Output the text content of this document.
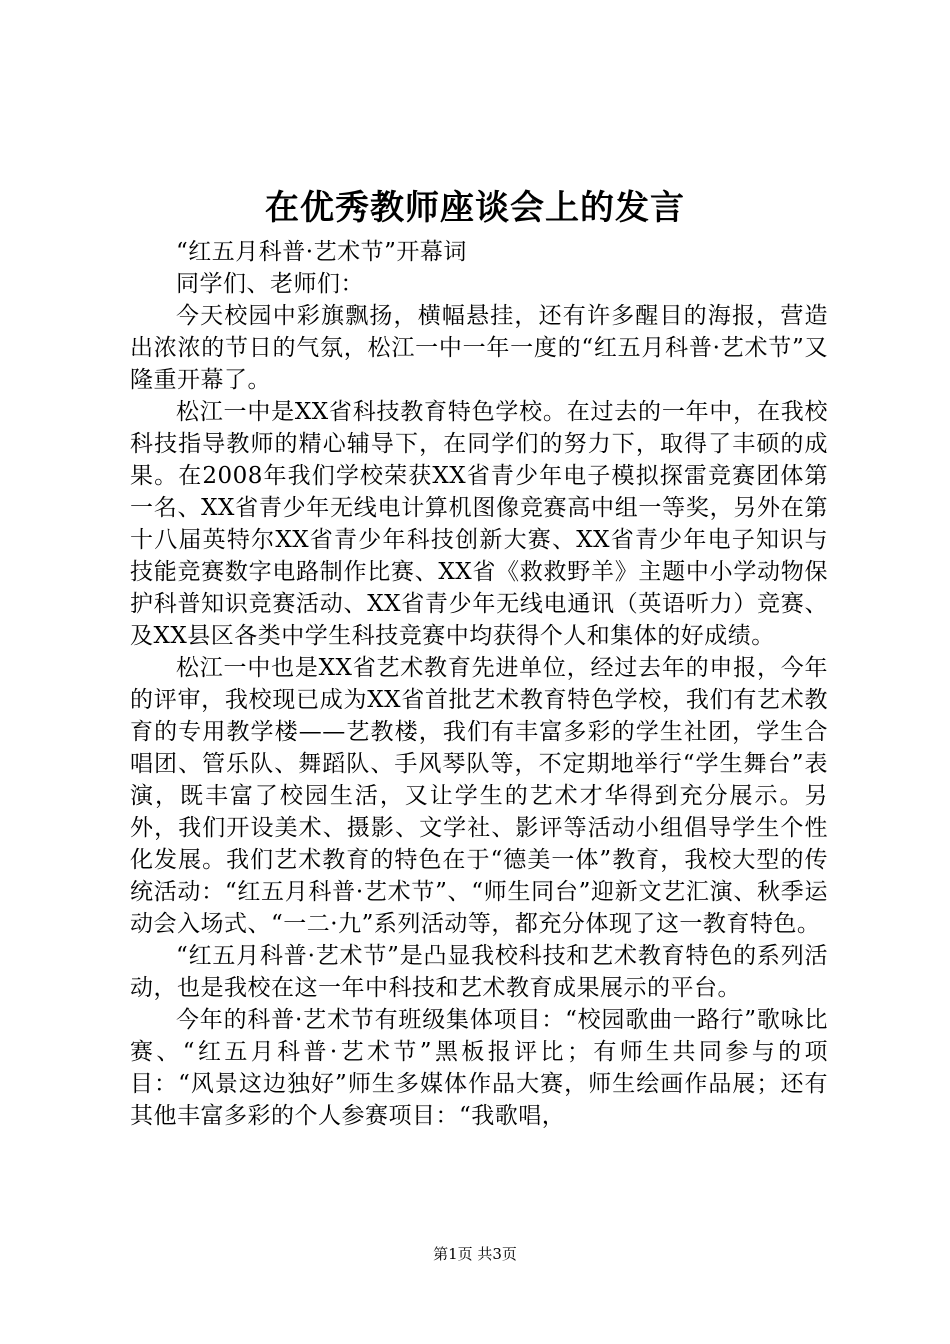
在优秀教师座谈会上的发言

“红五月科普·艺术节”开幕词

同学们、老师们：

今天校园中彩旗飘扬，横幅悬挂，还有许多醒目的海报，营造出浓浓的节日的气氛，松江一中一年一度的“红五月科普·艺术节”又隆重开幕了。

松江一中是XX省科技教育特色学校。在过去的一年中，在我校科技指导教师的精心辅导下，在同学们的努力下，取得了丰硕的成果。在2008年我们学校荣获XX省青少年电子模拟探雷竞赛团体第一名、XX省青少年无线电计算机图像竞赛高中组一等奖，另外在第十八届英特尔XX省青少年科技创新大赛、XX省青少年电子知识与技能竞赛数字电路制作比赛、XX省《救救野羊》主题中小学动物保护科普知识竞赛活动、XX省青少年无线电通讯（英语听力）竞赛、及XX县区各类中学生科技竞赛中均获得个人和集体的好成绩。

松江一中也是XX省艺术教育先进单位，经过去年的申报，今年的评审，我校现已成为XX省首批艺术教育特色学校，我们有艺术教育的专用教学楼——艺教楼，我们有丰富多彩的学生社团，学生合唱团、管乐队、舞蹈队、手风琴队等，不定期地举行“学生舞台”表演，既丰富了校园生活，又让学生的艺术才华得到充分展示。另外，我们开设美术、摄影、文学社、影评等活动小组倡导学生个性化发展。我们艺术教育的特色在于“德美一体”教育，我校大型的传统活动：“红五月科普·艺术节”、“师生同台”迎新文艺汇演、秋季运动会入场式、“一二·九”系列活动等，都充分体现了这一教育特色。

“红五月科普·艺术节”是凸显我校科技和艺术教育特色的系列活动，也是我校在这一年中科技和艺术教育成果展示的平台。

今年的科普·艺术节有班级集体项目：“校园歌曲一路行”歌咏比赛、“红五月科普·艺术节”黑板报评比；有师生共同参与的项目：“风景这边独好”师生多媒体作品大赛，师生绘画作品展；还有其他丰富多彩的个人参赛项目：“我歌唱，

第1页 共3页
